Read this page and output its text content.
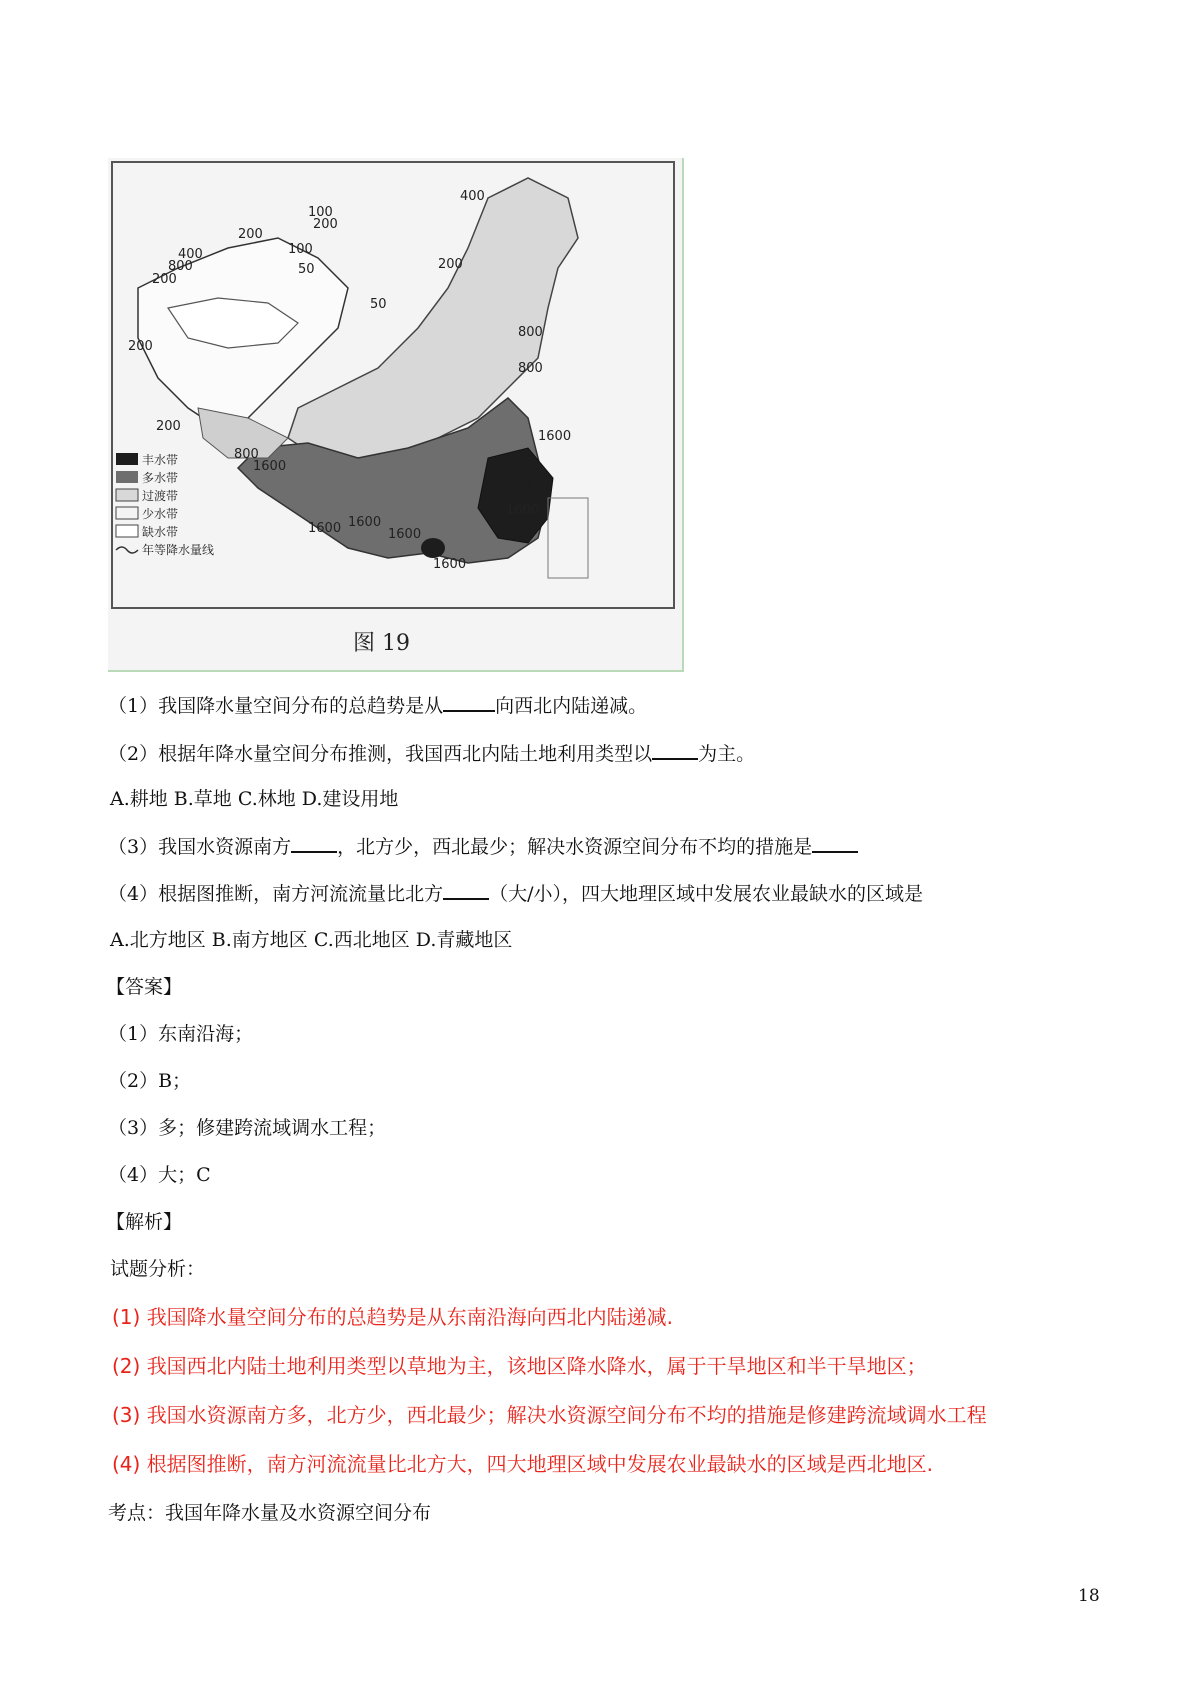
400
200
200
100
50
400
800
200
100
200
50
800
800
200
200
1600
800
1600
1600
1600
1600	1600
1600
丰水带
多水带
过渡带
少水带
缺水带
年等降水量线
图 19
（1）我国降水量空间分布的总趋势是从	向西北内陆递减。
（2）根据年降水量空间分布推测，我国西北内陆土地利用类型以 为主。
A.耕地 B.草地 C.林地 D.建设用地
（3）我国水资源南方 ，北方少，西北最少；解决水资源空间分布不均的措施是
（4）根据图推断，南方河流流量比北方 （大/小），四大地理区域中发展农业最缺水的区域是
A.北方地区 B.南方地区 C.西北地区 D.青藏地区
【答案】
（1）东南沿海；
（2）B；
（3）多；修建跨流域调水工程；
（4）大；C
【解析】
试题分析：
(1) 我国降水量空间分布的总趋势是从东南沿海向西北内陆递减.
(2) 我国西北内陆土地利用类型以草地为主，该地区降水降水，属于干旱地区和半干旱地区；
(3) 我国水资源南方多，北方少，西北最少；解决水资源空间分布不均的措施是修建跨流域调水工程
(4) 根据图推断，南方河流流量比北方大，四大地理区域中发展农业最缺水的区域是西北地区.
考点：我国年降水量及水资源空间分布
18
